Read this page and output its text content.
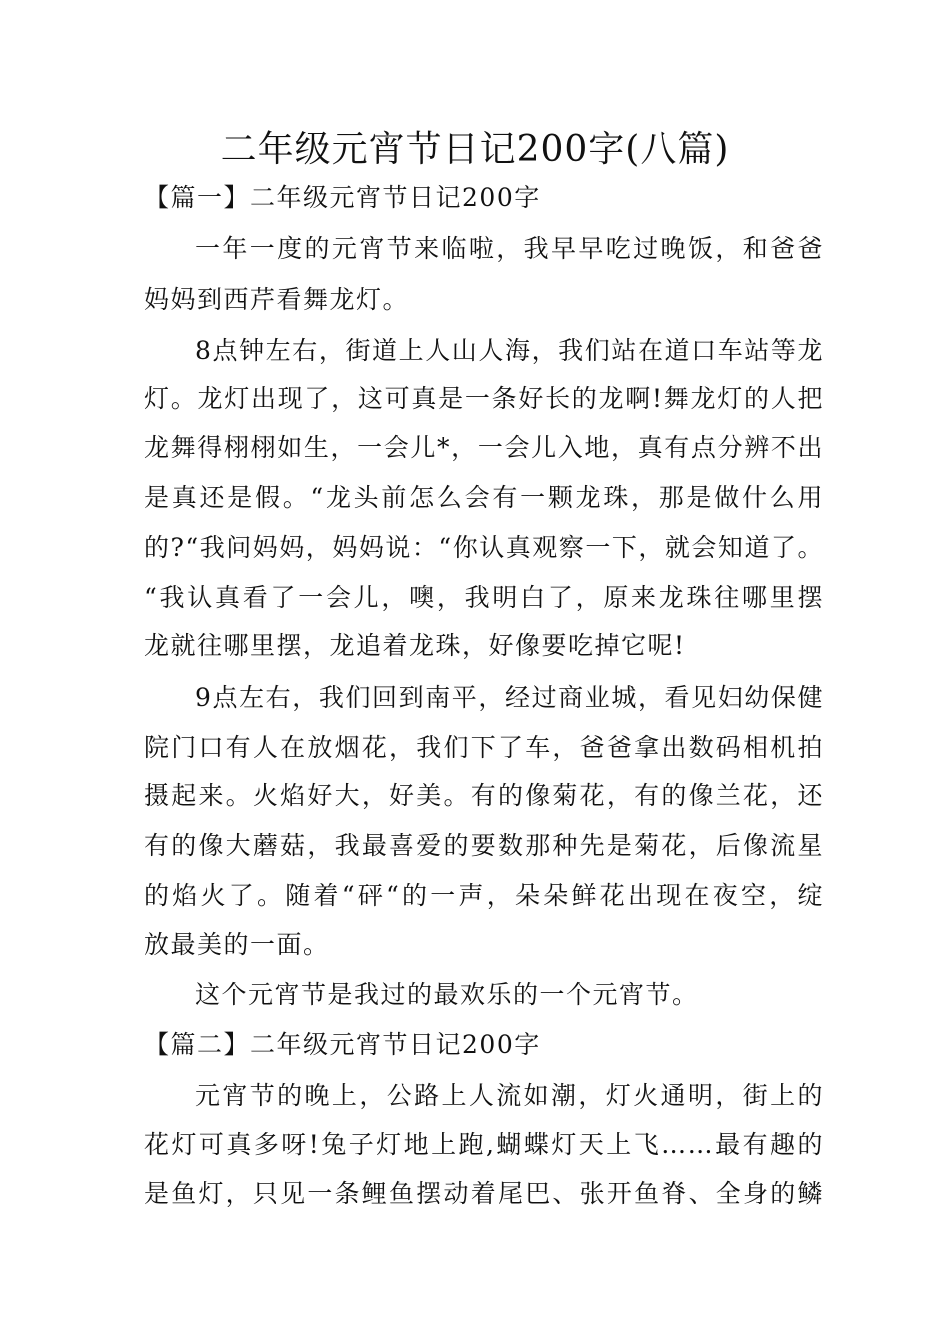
二年级元宵节日记200字(八篇)
【篇一】二年级元宵节日记200字
一年一度的元宵节来临啦，我早早吃过晚饭，和爸爸
妈妈到西芹看舞龙灯。
8点钟左右，街道上人山人海，我们站在道口车站等龙
灯。龙灯出现了，这可真是一条好长的龙啊!舞龙灯的人把
龙舞得栩栩如生，一会儿*，一会儿入地，真有点分辨不出
是真还是假。“龙头前怎么会有一颗龙珠，那是做什么用
的?“我问妈妈，妈妈说：“你认真观察一下，就会知道了。
“我认真看了一会儿，噢，我明白了，原来龙珠往哪里摆
龙就往哪里摆，龙追着龙珠，好像要吃掉它呢!
9点左右，我们回到南平，经过商业城，看见妇幼保健
院门口有人在放烟花，我们下了车，爸爸拿出数码相机拍
摄起来。火焰好大，好美。有的像菊花，有的像兰花，还
有的像大蘑菇，我最喜爱的要数那种先是菊花，后像流星
的焰火了。随着“砰“的一声，朵朵鲜花出现在夜空，绽
放最美的一面。
这个元宵节是我过的最欢乐的一个元宵节。
【篇二】二年级元宵节日记200字
元宵节的晚上，公路上人流如潮，灯火通明，街上的
花灯可真多呀!兔子灯地上跑,蝴蝶灯天上飞……最有趣的
是鱼灯，只见一条鲤鱼摆动着尾巴、张开鱼脊、全身的鳞
